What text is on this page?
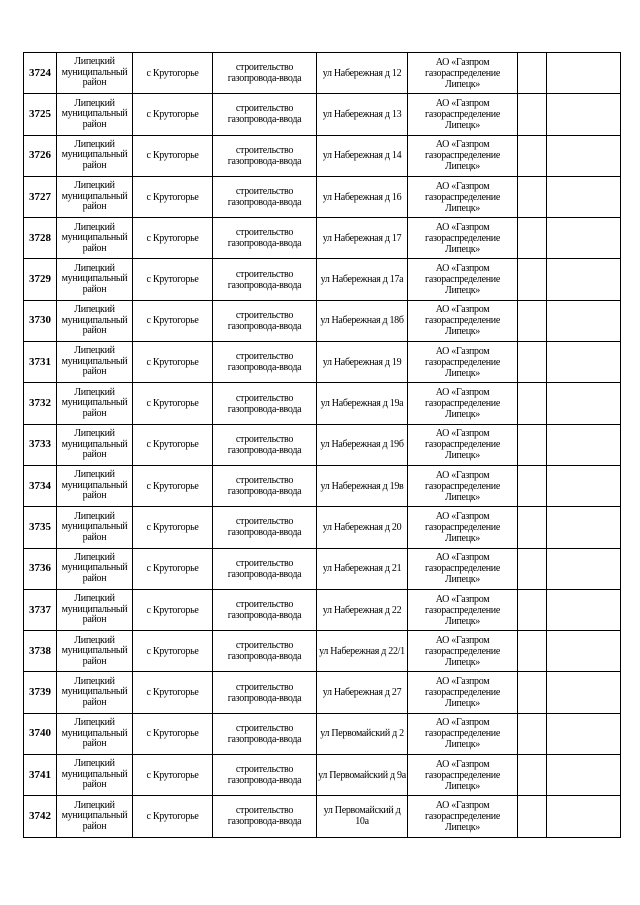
3724	Липецкий муниципальный район	с Крутогорье	строительство газопровода-ввода	ул Набережная д 12	АО «Газпром газораспределение Липецк»		
3725	Липецкий муниципальный район	с Крутогорье	строительство газопровода-ввода	ул Набережная д 13	АО «Газпром газораспределение Липецк»		
3726	Липецкий муниципальный район	с Крутогорье	строительство газопровода-ввода	ул Набережная д 14	АО «Газпром газораспределение Липецк»		
3727	Липецкий муниципальный район	с Крутогорье	строительство газопровода-ввода	ул Набережная д 16	АО «Газпром газораспределение Липецк»		
3728	Липецкий муниципальный район	с Крутогорье	строительство газопровода-ввода	ул Набережная д 17	АО «Газпром газораспределение Липецк»		
3729	Липецкий муниципальный район	с Крутогорье	строительство газопровода-ввода	ул Набережная д 17а	АО «Газпром газораспределение Липецк»		
3730	Липецкий муниципальный район	с Крутогорье	строительство газопровода-ввода	ул Набережная д 18б	АО «Газпром газораспределение Липецк»		
3731	Липецкий муниципальный район	с Крутогорье	строительство газопровода-ввода	ул Набережная д 19	АО «Газпром газораспределение Липецк»		
3732	Липецкий муниципальный район	с Крутогорье	строительство газопровода-ввода	ул Набережная д 19а	АО «Газпром газораспределение Липецк»		
3733	Липецкий муниципальный район	с Крутогорье	строительство газопровода-ввода	ул Набережная д 19б	АО «Газпром газораспределение Липецк»		
3734	Липецкий муниципальный район	с Крутогорье	строительство газопровода-ввода	ул Набережная д 19в	АО «Газпром газораспределение Липецк»		
3735	Липецкий муниципальный район	с Крутогорье	строительство газопровода-ввода	ул Набережная д 20	АО «Газпром газораспределение Липецк»		
3736	Липецкий муниципальный район	с Крутогорье	строительство газопровода-ввода	ул Набережная д 21	АО «Газпром газораспределение Липецк»		
3737	Липецкий муниципальный район	с Крутогорье	строительство газопровода-ввода	ул Набережная д 22	АО «Газпром газораспределение Липецк»		
3738	Липецкий муниципальный район	с Крутогорье	строительство газопровода-ввода	ул Набережная д 22/1	АО «Газпром газораспределение Липецк»		
3739	Липецкий муниципальный район	с Крутогорье	строительство газопровода-ввода	ул Набережная д 27	АО «Газпром газораспределение Липецк»		
3740	Липецкий муниципальный район	с Крутогорье	строительство газопровода-ввода	ул Первомайский д 2	АО «Газпром газораспределение Липецк»		
3741	Липецкий муниципальный район	с Крутогорье	строительство газопровода-ввода	ул Первомайский д 9а	АО «Газпром газораспределение Липецк»		
3742	Липецкий муниципальный район	с Крутогорье	строительство газопровода-ввода	ул Первомайский д 10а	АО «Газпром газораспределение Липецк»		
